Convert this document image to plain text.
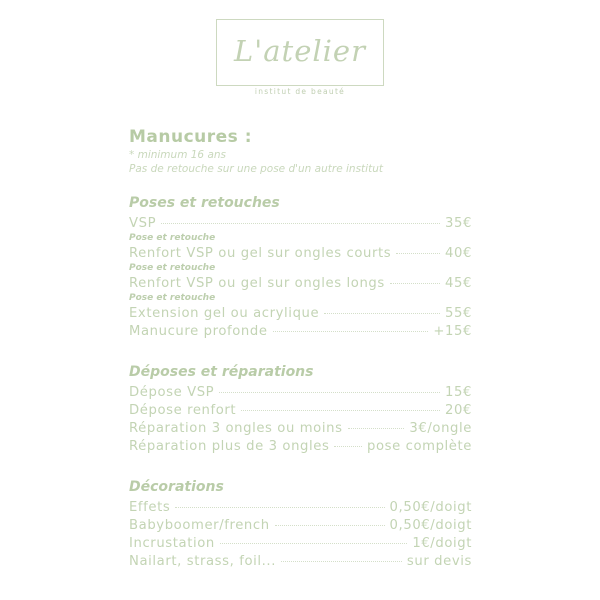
L'atelier
institut de beauté
Manucures :
* minimum 16 ans
Pas de retouche sur une pose d'un autre institut
Poses et retouches
VSP	35€
Pose et retouche
Renfort VSP ou gel sur ongles courts	40€
Pose et retouche
Renfort VSP ou gel sur ongles longs	45€
Pose et retouche
Extension gel ou acrylique	55€
Manucure profonde	+15€
Déposes et réparations
Dépose VSP	15€
Dépose renfort	20€
Réparation 3 ongles ou moins	3€/ongle
Réparation plus de 3 ongles	pose complète
Décorations
Effets	0,50€/doigt
Babyboomer/french	0,50€/doigt
Incrustation	1€/doigt
Nailart, strass, foil...	sur devis
